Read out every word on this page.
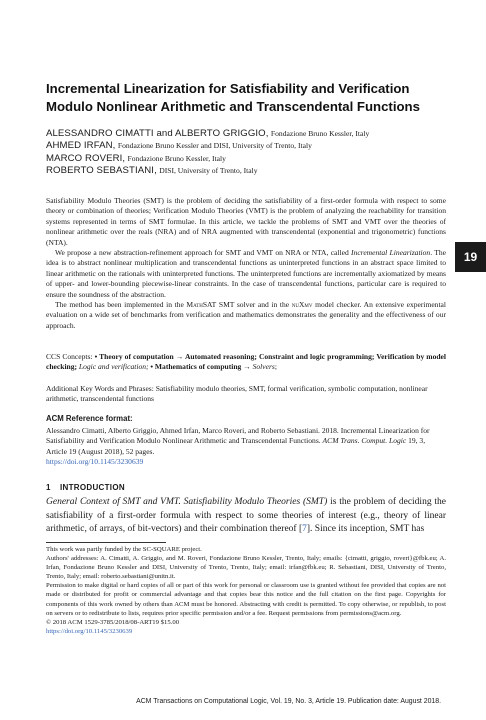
Incremental Linearization for Satisfiability and Verification Modulo Nonlinear Arithmetic and Transcendental Functions
ALESSANDRO CIMATTI and ALBERTO GRIGGIO, Fondazione Bruno Kessler, Italy
AHMED IRFAN, Fondazione Bruno Kessler and DISI, University of Trento, Italy
MARCO ROVERI, Fondazione Bruno Kessler, Italy
ROBERTO SEBASTIANI, DISI, University of Trento, Italy

Satisfiability Modulo Theories (SMT) is the problem of deciding the satisfiability of a first-order formula with respect to some theory or combination of theories; Verification Modulo Theories (VMT) is the problem of analyzing the reachability for transition systems represented in terms of SMT formulae. In this article, we tackle the problems of SMT and VMT over the theories of nonlinear arithmetic over the reals (NRA) and of NRA augmented with transcendental (exponential and trigonometric) functions (NTA).

We propose a new abstraction-refinement approach for SMT and VMT on NRA or NTA, called Incremental Linearization. The idea is to abstract nonlinear multiplication and transcendental functions as uninterpreted functions in an abstract space limited to linear arithmetic on the rationals with uninterpreted functions. The uninterpreted functions are incrementally axiomatized by means of upper- and lower-bounding piecewise-linear constraints. In the case of transcendental functions, particular care is required to ensure the soundness of the abstraction.

The method has been implemented in the MathSAT SMT solver and in the nuXmv model checker. An extensive experimental evaluation on a wide set of benchmarks from verification and mathematics demonstrates the generality and the effectiveness of our approach.

CCS Concepts: • Theory of computation → Automated reasoning; Constraint and logic programming; Verification by model checking; Logic and verification; • Mathematics of computing → Solvers;
Additional Key Words and Phrases: Satisfiability modulo theories, SMT, formal verification, symbolic computation, nonlinear arithmetic, transcendental functions
ACM Reference format:
Alessandro Cimatti, Alberto Griggio, Ahmed Irfan, Marco Roveri, and Roberto Sebastiani. 2018. Incremental Linearization for Satisfiability and Verification Modulo Nonlinear Arithmetic and Transcendental Functions. ACM Trans. Comput. Logic 19, 3, Article 19 (August 2018), 52 pages.
https://doi.org/10.1145/3230639
1 INTRODUCTION
General Context of SMT and VMT. Satisfiability Modulo Theories (SMT) is the problem of deciding the satisfiability of a first-order formula with respect to some theories of interest (e.g., theory of linear arithmetic, of arrays, of bit-vectors) and their combination thereof [7]. Since its inception, SMT has

This work was partly funded by the SC-SQUARE project.

Authors' addresses: A. Cimatti, A. Griggio, and M. Roveri, Fondazione Bruno Kessler, Trento, Italy; emails: {cimatti, griggio, roveri}@fbk.eu; A. Irfan, Fondazione Bruno Kessler and DISI, University of Trento, Trento, Italy; email: irfan@fbk.eu; R. Sebastiani, DISI, University of Trento, Trento, Italy; email: roberto.sebastiani@unitn.it.

Permission to make digital or hard copies of all or part of this work for personal or classroom use is granted without fee provided that copies are not made or distributed for profit or commercial advantage and that copies bear this notice and the full citation on the first page. Copyrights for components of this work owned by others than ACM must be honored. Abstracting with credit is permitted. To copy otherwise, or republish, to post on servers or to redistribute to lists, requires prior specific permission and/or a fee. Request permissions from permissions@acm.org.

© 2018 ACM 1529-3785/2018/08-ART19 $15.00

https://doi.org/10.1145/3230639

ACM Transactions on Computational Logic, Vol. 19, No. 3, Article 19. Publication date: August 2018.
19
